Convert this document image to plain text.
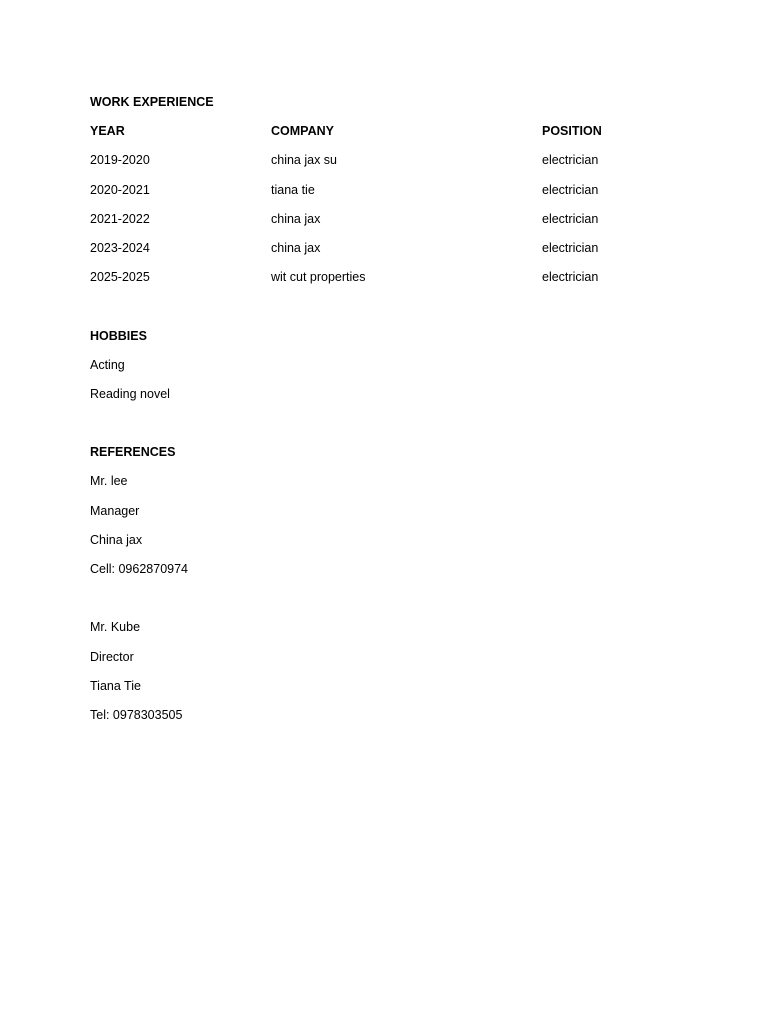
WORK EXPERIENCE
YEAR	COMPANY	POSITION
2019-2020	china jax su	electrician
2020-2021	tiana tie	electrician
2021-2022	china jax	electrician
2023-2024	china jax	electrician
2025-2025	wit cut properties	electrician
HOBBIES
Acting
Reading novel
REFERENCES
Mr. lee
Manager
China jax
Cell: 0962870974
Mr. Kube
Director
Tiana Tie
Tel: 0978303505
